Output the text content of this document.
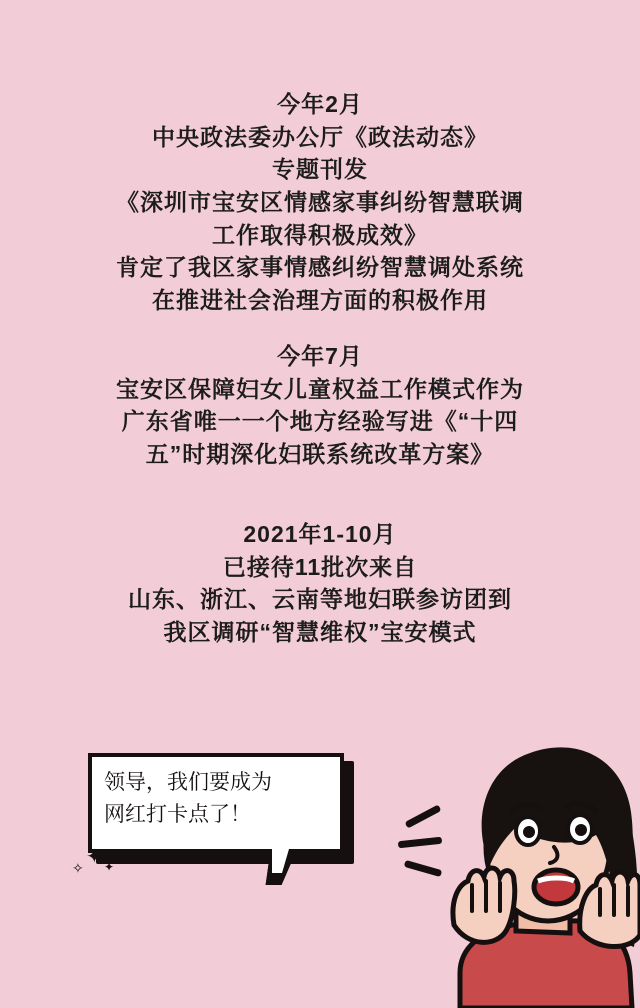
今年2月
中央政法委办公厅《政法动态》
专题刊发
《深圳市宝安区情感家事纠纷智慧联调
工作取得积极成效》
肯定了我区家事情感纠纷智慧调处系统
在推进社会治理方面的积极作用
今年7月
宝安区保障妇女儿童权益工作模式作为
广东省唯一一个地方经验写进《“十四
五”时期深化妇联系统改革方案》
2021年1-10月
已接待11批次来自
山东、浙江、云南等地妇联参访团到
我区调研“智慧维权”宝安模式
领导，我们要成为
网红打卡点了！
✦
✧ ✦
